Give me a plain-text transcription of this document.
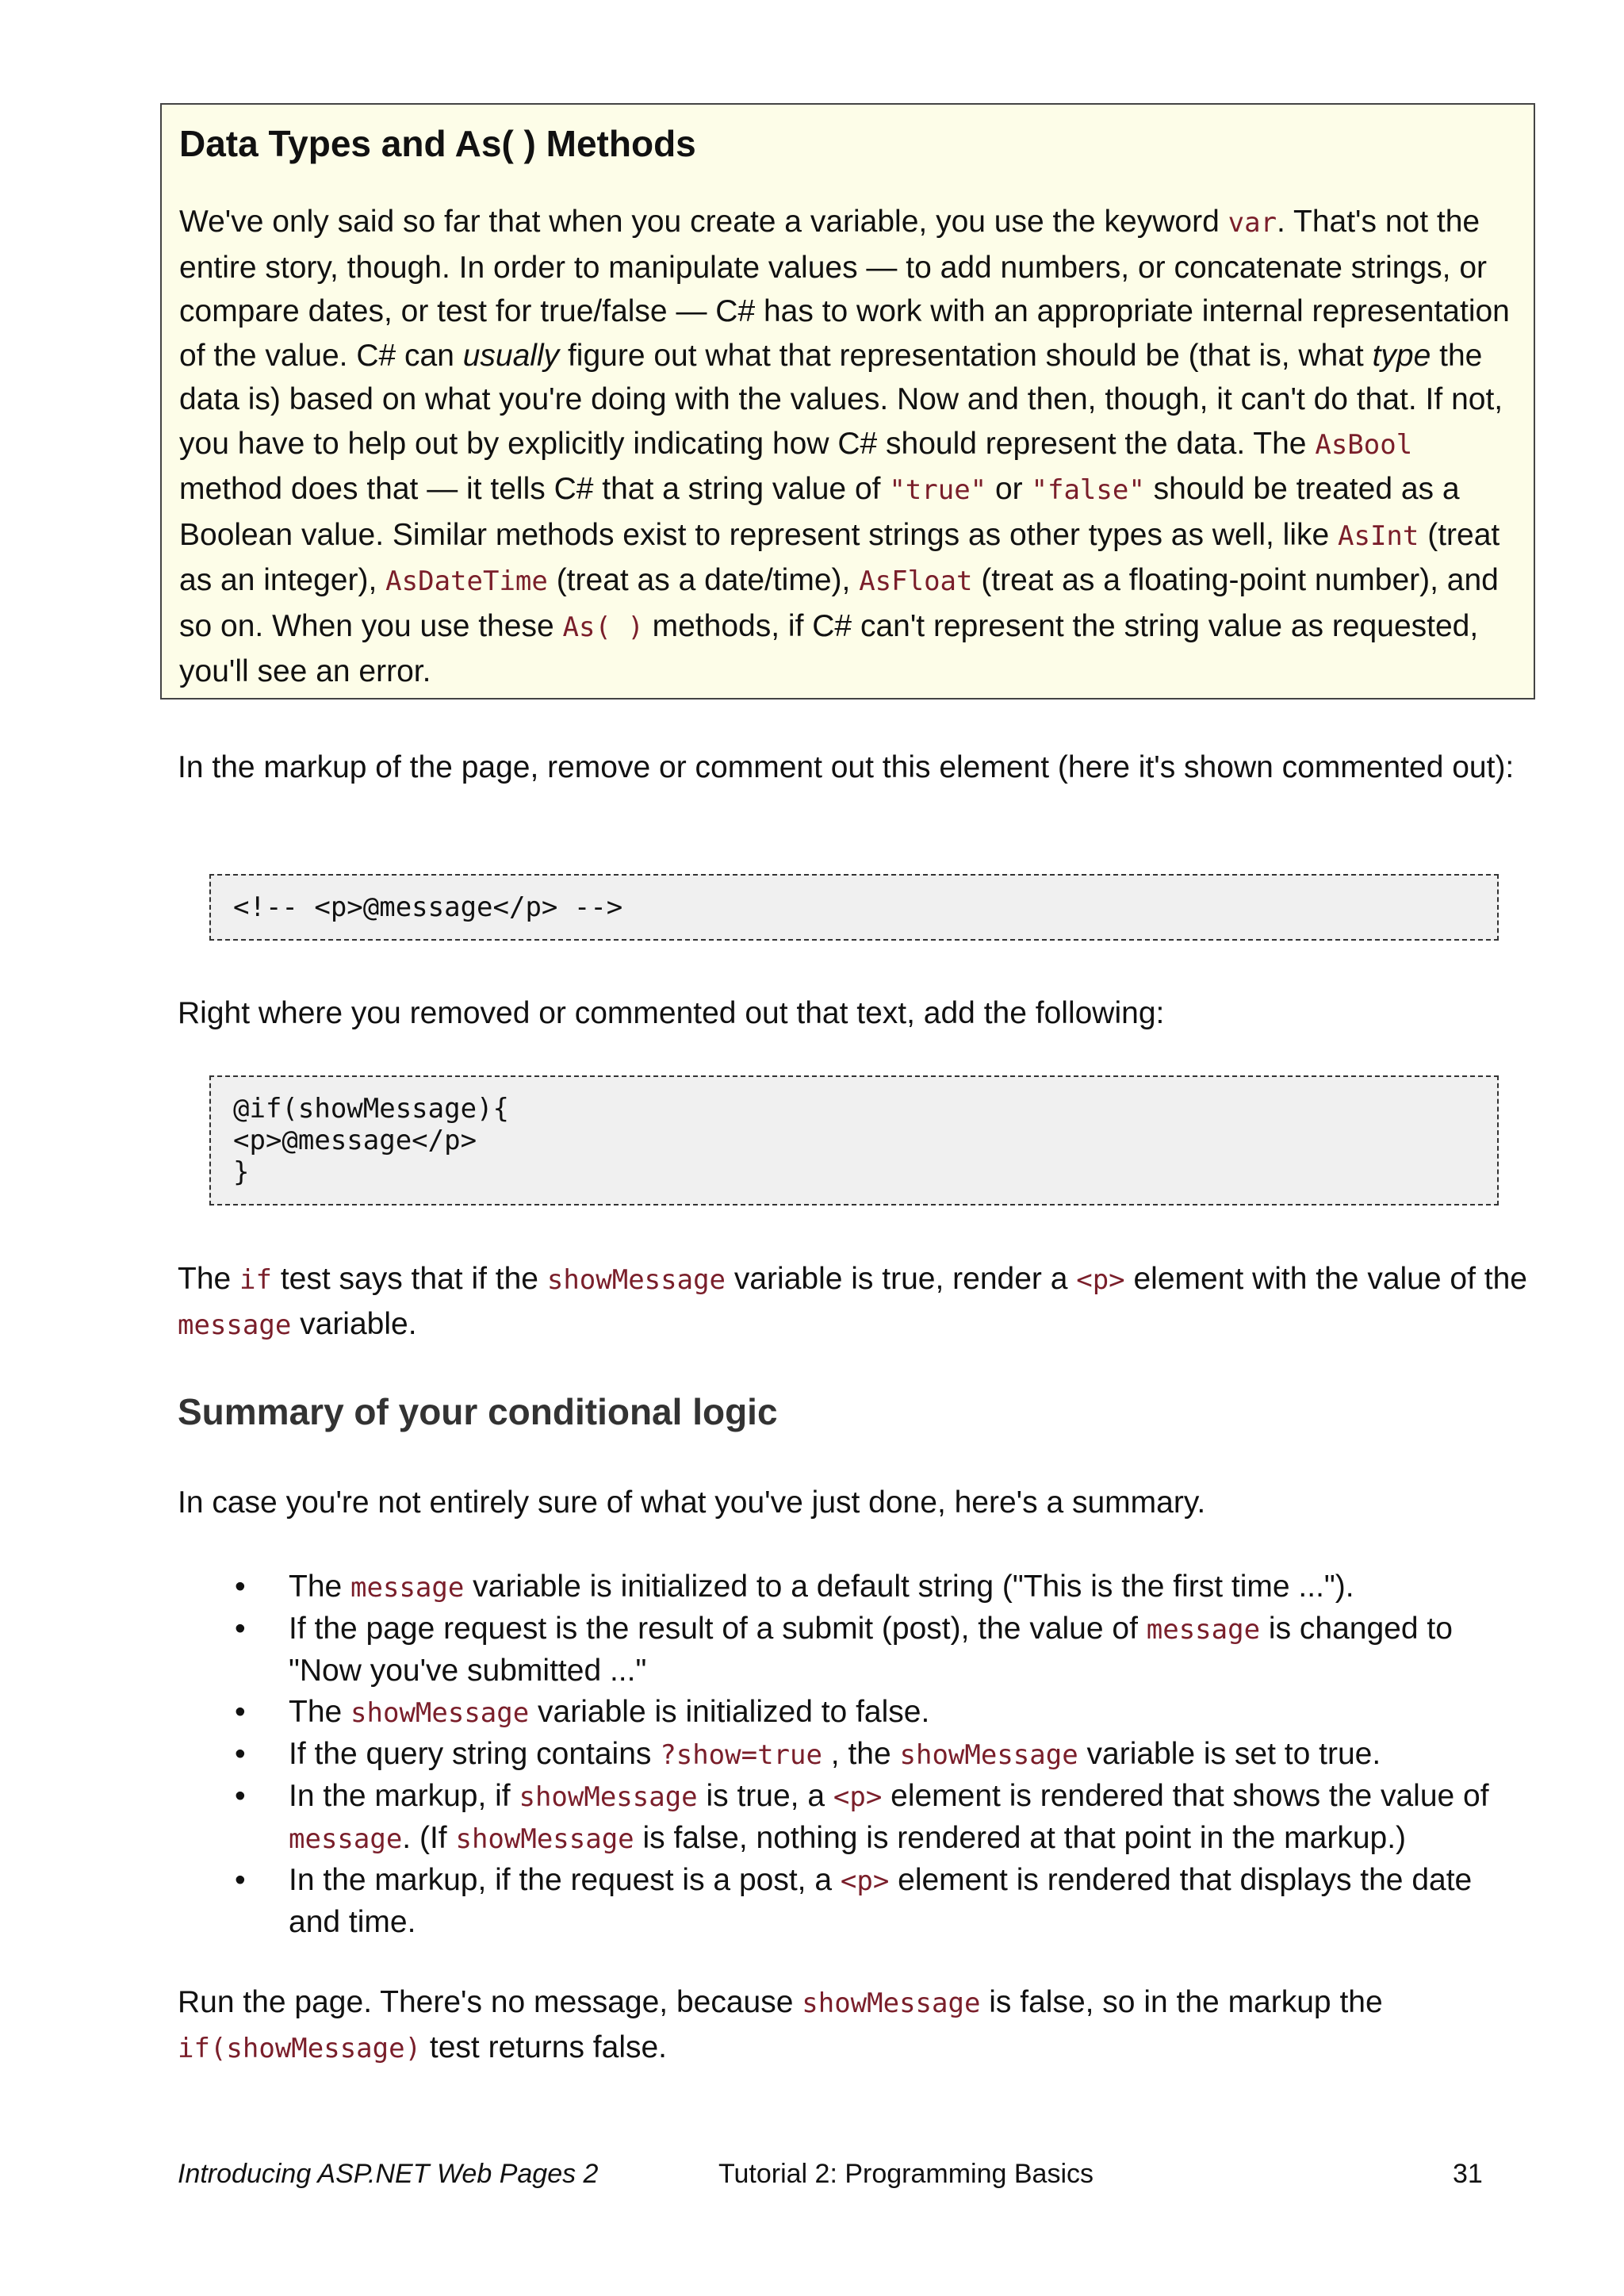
Data Types and As( ) Methods

We've only said so far that when you create a variable, you use the keyword var. That's not the entire story, though. In order to manipulate values — to add numbers, or concatenate strings, or compare dates, or test for true/false — C# has to work with an appropriate internal representation of the value. C# can usually figure out what that representation should be (that is, what type the data is) based on what you're doing with the values. Now and then, though, it can't do that. If not, you have to help out by explicitly indicating how C# should represent the data. The AsBool method does that — it tells C# that a string value of "true" or "false" should be treated as a Boolean value. Similar methods exist to represent strings as other types as well, like AsInt (treat as an integer), AsDateTime (treat as a date/time), AsFloat (treat as a floating-point number), and so on. When you use these As( ) methods, if C# can't represent the string value as requested, you'll see an error.

In the markup of the page, remove or comment out this element (here it's shown commented out):

<!-- <p>@message</p> -->

Right where you removed or commented out that text, add the following:

@if(showMessage){
<p>@message</p>
}

The if test says that if the showMessage variable is true, render a <p> element with the value of the message variable.

Summary of your conditional logic

In case you're not entirely sure of what you've just done, here's a summary.

• The message variable is initialized to a default string ("This is the first time ...").
• If the page request is the result of a submit (post), the value of message is changed to "Now you've submitted ..."
• The showMessage variable is initialized to false.
• If the query string contains ?show=true , the showMessage variable is set to true.
• In the markup, if showMessage is true, a <p> element is rendered that shows the value of message. (If showMessage is false, nothing is rendered at that point in the markup.)
• In the markup, if the request is a post, a <p> element is rendered that displays the date and time.

Run the page. There's no message, because showMessage is false, so in the markup the if(showMessage) test returns false.

Introducing ASP.NET Web Pages 2	Tutorial 2: Programming Basics	31
